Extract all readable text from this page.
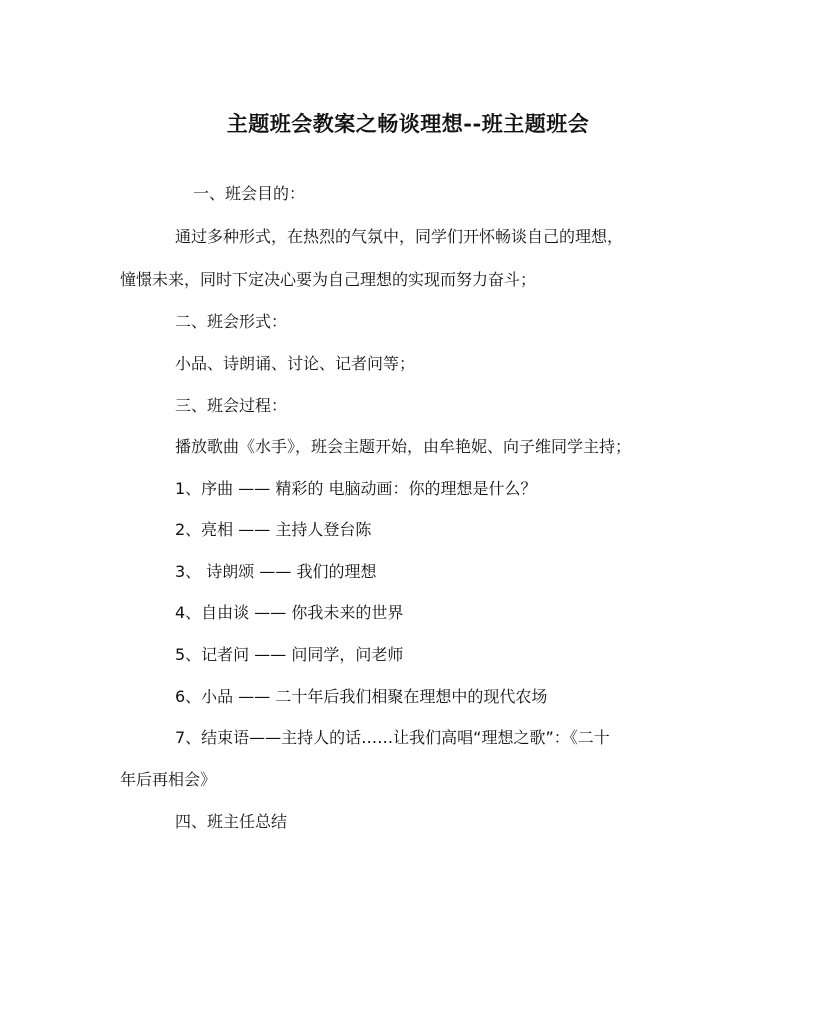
主题班会教案之畅谈理想--班主题班会
一、班会目的：
通过多种形式，在热烈的气氛中，同学们开怀畅谈自己的理想，
憧憬未来，同时下定决心要为自己理想的实现而努力奋斗；
二、班会形式：
小品、诗朗诵、讨论、记者问等；
三、班会过程：
播放歌曲《水手》，班会主题开始，由牟艳妮、向子维同学主持；
1、序曲 —— 精彩的 电脑动画：你的理想是什么？
2、亮相 —— 主持人登台陈
3、 诗朗颂 —— 我们的理想
4、自由谈 —— 你我未来的世界
5、记者问 —— 问同学，问老师
6、小品 —— 二十年后我们相聚在理想中的现代农场
7、结束语——主持人的话……让我们高唱“理想之歌”：《二十
年后再相会》
四、班主任总结
